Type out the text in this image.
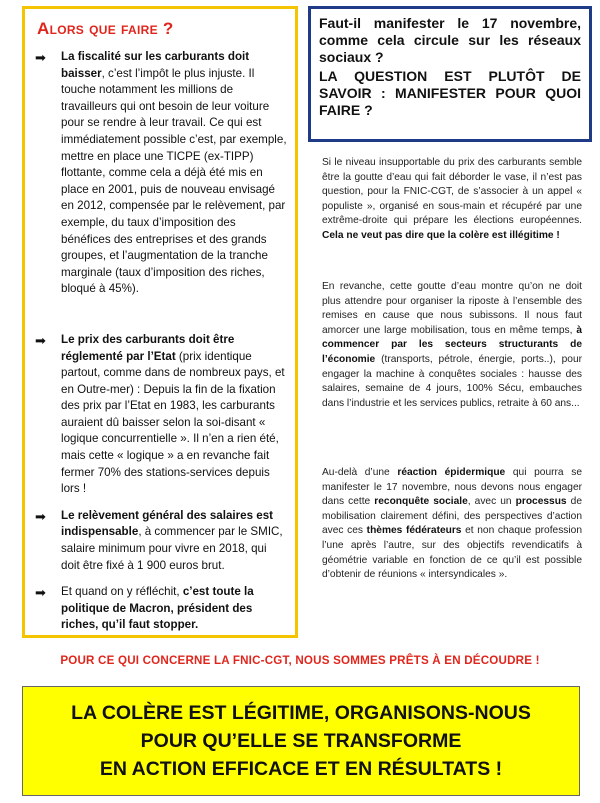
Alors que faire ?
➡	La fiscalité sur les carburants doit baisser, c’est l’impôt le plus injuste. Il touche notamment les millions de travailleurs qui ont besoin de leur voiture pour se rendre à leur travail. Ce qui est immédiatement possible c’est, par exemple, mettre en place une TICPE (ex-TIPP) flottante, comme cela a déjà été mis en place en 2001, puis de nouveau envisagé en 2012, compensée par le relèvement, par exemple, du taux d’imposition des bénéfices des entreprises et des grands groupes, et l’augmentation de la tranche marginale (taux d’imposition des riches, bloqué à 45%).
➡	Le prix des carburants doit être réglementé par l’Etat (prix identique partout, comme dans de nombreux pays, et en Outre-mer) : Depuis la fin de la fixation des prix par l’Etat en 1983, les carburants auraient dû baisser selon la soi-disant « logique concurrentielle ». Il n’en a rien été, mais cette « logique » a en revanche fait fermer 70% des stations-services depuis lors !
➡	Le relèvement général des salaires est indispensable, à commencer par le SMIC, salaire minimum pour vivre en 2018, qui doit être fixé à 1 900 euros brut.
➡	Et quand on y réfléchit, c’est toute la politique de Macron, président des riches, qu’il faut stopper.
Faut-il manifester le 17 novembre, comme cela circule sur les réseaux sociaux ?
LA QUESTION EST PLUTÔT DE SAVOIR : MANIFESTER POUR QUOI FAIRE ?
Si le niveau insupportable du prix des carburants semble être la goutte d’eau qui fait déborder le vase, il n’est pas question, pour la FNIC-CGT, de s’associer à un appel « populiste », organisé en sous-main et récupéré par une extrême-droite qui prépare les élections européennes. Cela ne veut pas dire que la colère est illégitime !
En revanche, cette goutte d’eau montre qu’on ne doit plus attendre pour organiser la riposte à l’ensemble des remises en cause que nous subissons. Il nous faut amorcer une large mobilisation, tous en même temps, à commencer par les secteurs structurants de l’économie (transports, pétrole, énergie, ports..), pour engager la machine à conquêtes sociales : hausse des salaires, semaine de 4 jours, 100% Sécu, embauches dans l’industrie et les services publics, retraite à 60 ans...
Au-delà d’une réaction épidermique qui pourra se manifester le 17 novembre, nous devons nous engager dans cette reconquête sociale, avec un processus de mobilisation clairement défini, des perspectives d’action avec ces thèmes fédérateurs et non chaque profession l’une après l’autre, sur des objectifs revendicatifs à géométrie variable en fonction de ce qu’il est possible d’obtenir de réunions « intersyndicales ».
POUR CE QUI CONCERNE LA FNIC-CGT, NOUS SOMMES PRÊTS À EN DÉCOUDRE !
LA COLÈRE EST LÉGITIME, ORGANISONS-NOUS
POUR QU’ELLE SE TRANSFORME
EN ACTION EFFICACE ET EN RÉSULTATS !
